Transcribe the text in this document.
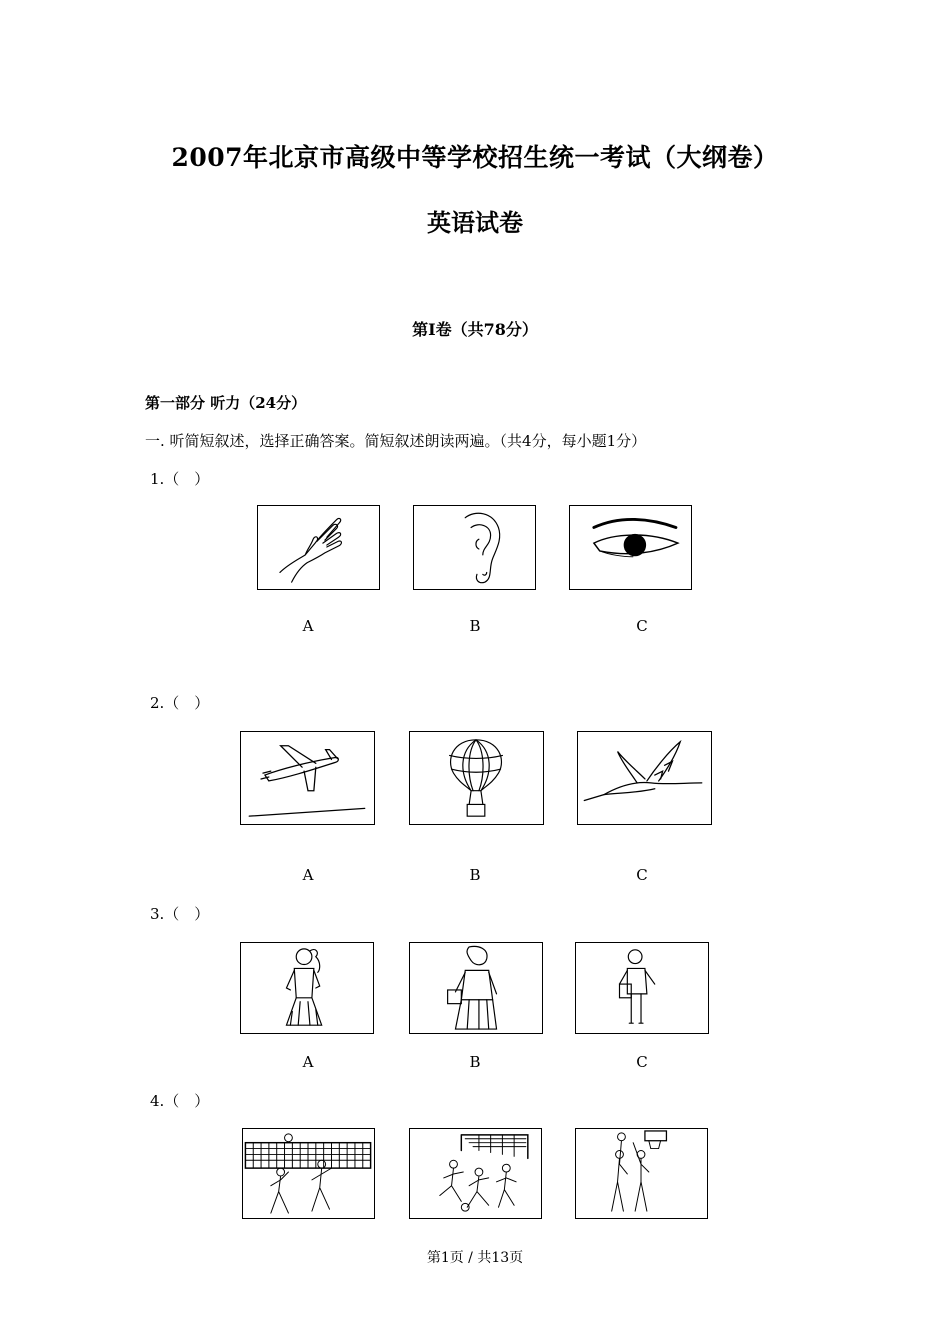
2007年北京市高级中等学校招生统一考试（大纲卷）
英语试卷
第I卷（共78分）
第一部分 听力（24分）
一. 听简短叙述，选择正确答案。简短叙述朗读两遍。（共4分，每小题1分）
1.（　）
A	B	C
2.（　）
A	B	C
3.（　）
A	B	C
4.（　）
第1页 / 共13页
